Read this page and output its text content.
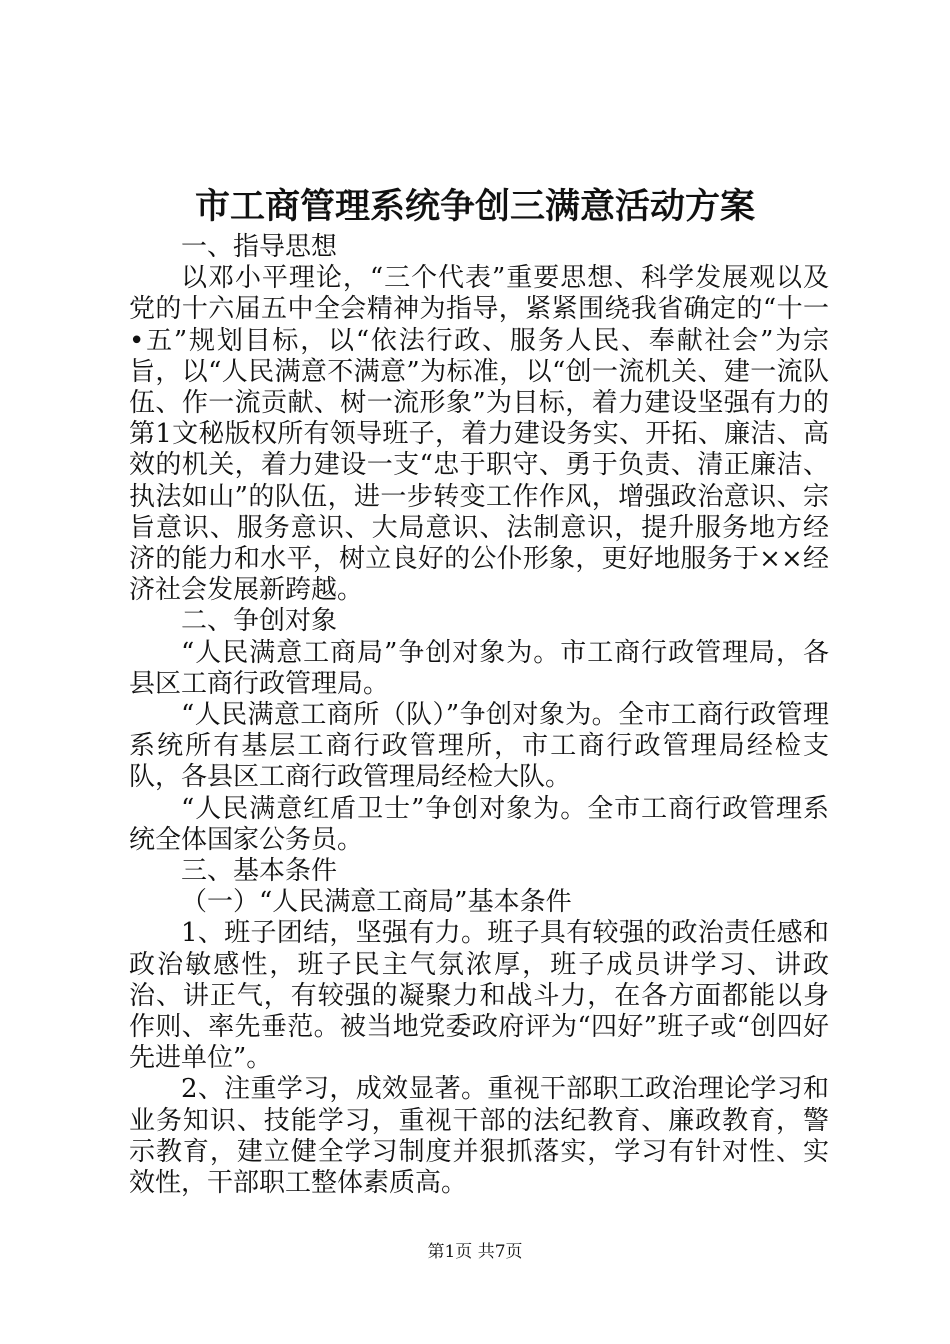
市工商管理系统争创三满意活动方案

一、指导思想

以邓小平理论，“三个代表”重要思想、科学发展观以及党的十六届五中全会精神为指导，紧紧围绕我省确定的“十一•五”规划目标，以“依法行政、服务人民、奉献社会”为宗旨，以“人民满意不满意”为标准，以“创一流机关、建一流队伍、作一流贡献、树一流形象”为目标，着力建设坚强有力的第1文秘版权所有领导班子，着力建设务实、开拓、廉洁、高效的机关，着力建设一支“忠于职守、勇于负责、清正廉洁、执法如山”的队伍，进一步转变工作作风，增强政治意识、宗旨意识、服务意识、大局意识、法制意识，提升服务地方经济的能力和水平，树立良好的公仆形象，更好地服务于××经济社会发展新跨越。

二、争创对象

“人民满意工商局”争创对象为。市工商行政管理局，各县区工商行政管理局。

“人民满意工商所（队）”争创对象为。全市工商行政管理系统所有基层工商行政管理所，市工商行政管理局经检支队，各县区工商行政管理局经检大队。

“人民满意红盾卫士”争创对象为。全市工商行政管理系统全体国家公务员。

三、基本条件

（一）“人民满意工商局”基本条件

1、班子团结，坚强有力。班子具有较强的政治责任感和政治敏感性，班子民主气氛浓厚，班子成员讲学习、讲政治、讲正气，有较强的凝聚力和战斗力，在各方面都能以身作则、率先垂范。被当地党委政府评为“四好”班子或“创四好先进单位”。

2、注重学习，成效显著。重视干部职工政治理论学习和业务知识、技能学习，重视干部的法纪教育、廉政教育，警示教育，建立健全学习制度并狠抓落实，学习有针对性、实效性，干部职工整体素质高。

第1页 共7页
